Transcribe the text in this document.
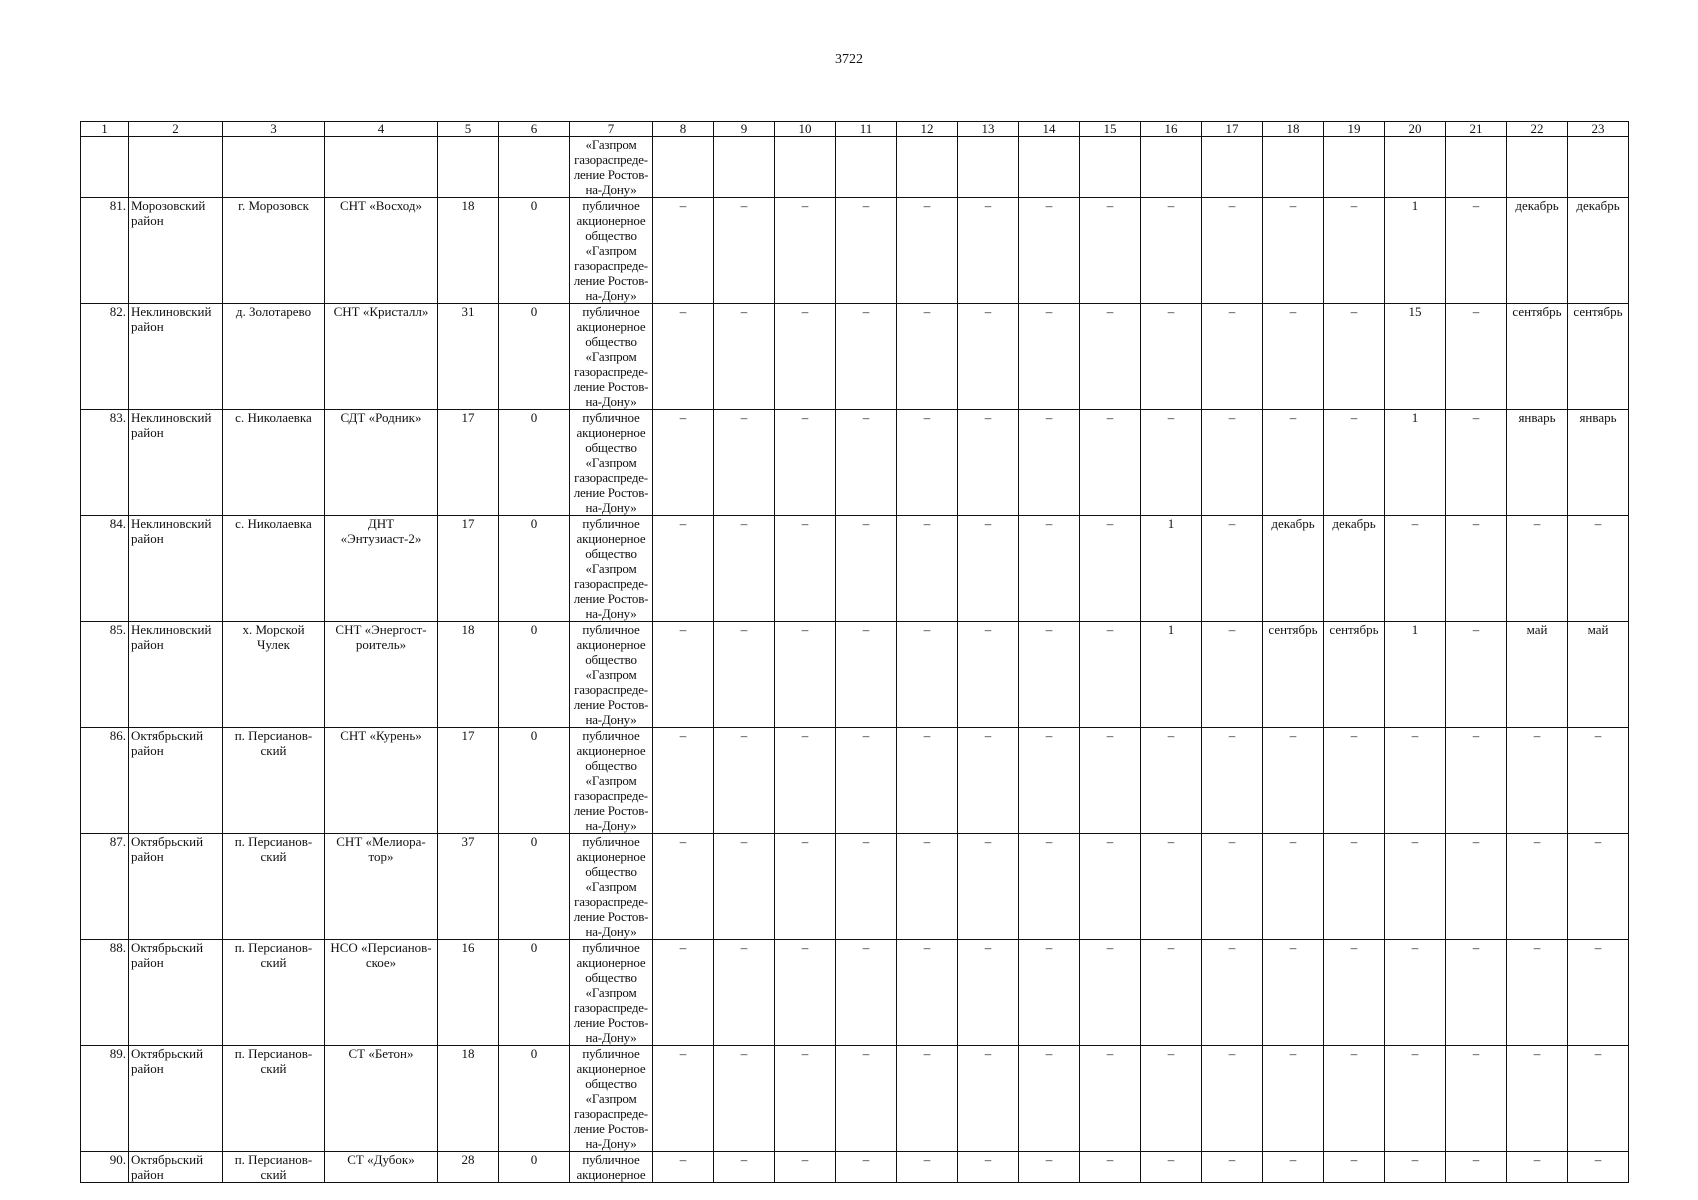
3722
1	2	3	4	5	6	7	8	9	10	11	12	13	14	15	16	17	18	19	20	21	22	23
						«Газпром газораспреде-ление Ростов-на-Дону»																
81.	Морозовский район	г. Морозовск	СНТ «Восход»	18	0	публичное акционерное общество «Газпром газораспреде-ление Ростов-на-Дону»	–	–	–	–	–	–	–	–	–	–	–	–	1	–	декабрь	декабрь
82.	Неклиновский район	д. Золотарево	СНТ «Кристалл»	31	0	публичное акционерное общество «Газпром газораспреде-ление Ростов-на-Дону»	–	–	–	–	–	–	–	–	–	–	–	–	15	–	сентябрь	сентябрь
83.	Неклиновский район	с. Николаевка	СДТ «Родник»	17	0	публичное акционерное общество «Газпром газораспреде-ление Ростов-на-Дону»	–	–	–	–	–	–	–	–	–	–	–	–	1	–	январь	январь
84.	Неклиновский район	с. Николаевка	ДНТ «Энтузиаст-2»	17	0	публичное акционерное общество «Газпром газораспреде-ление Ростов-на-Дону»	–	–	–	–	–	–	–	–	1	–	декабрь	декабрь	–	–	–	–
85.	Неклиновский район	х. Морской Чулек	СНТ «Энергост-роитель»	18	0	публичное акционерное общество «Газпром газораспреде-ление Ростов-на-Дону»	–	–	–	–	–	–	–	–	1	–	сентябрь	сентябрь	1	–	май	май
86.	Октябрьский район	п. Персианов-ский	СНТ «Курень»	17	0	публичное акционерное общество «Газпром газораспреде-ление Ростов-на-Дону»	–	–	–	–	–	–	–	–	–	–	–	–	–	–	–	–
87.	Октябрьский район	п. Персианов-ский	СНТ «Мелиора-тор»	37	0	публичное акционерное общество «Газпром газораспреде-ление Ростов-на-Дону»	–	–	–	–	–	–	–	–	–	–	–	–	–	–	–	–
88.	Октябрьский район	п. Персианов-ский	НСО «Персианов-ское»	16	0	публичное акционерное общество «Газпром газораспреде-ление Ростов-на-Дону»	–	–	–	–	–	–	–	–	–	–	–	–	–	–	–	–
89.	Октябрьский район	п. Персианов-ский	СТ «Бетон»	18	0	публичное акционерное общество «Газпром газораспреде-ление Ростов-на-Дону»	–	–	–	–	–	–	–	–	–	–	–	–	–	–	–	–
90.	Октябрьский район	п. Персианов-ский	СТ «Дубок»	28	0	публичное акционерное	–	–	–	–	–	–	–	–	–	–	–	–	–	–	–	–
